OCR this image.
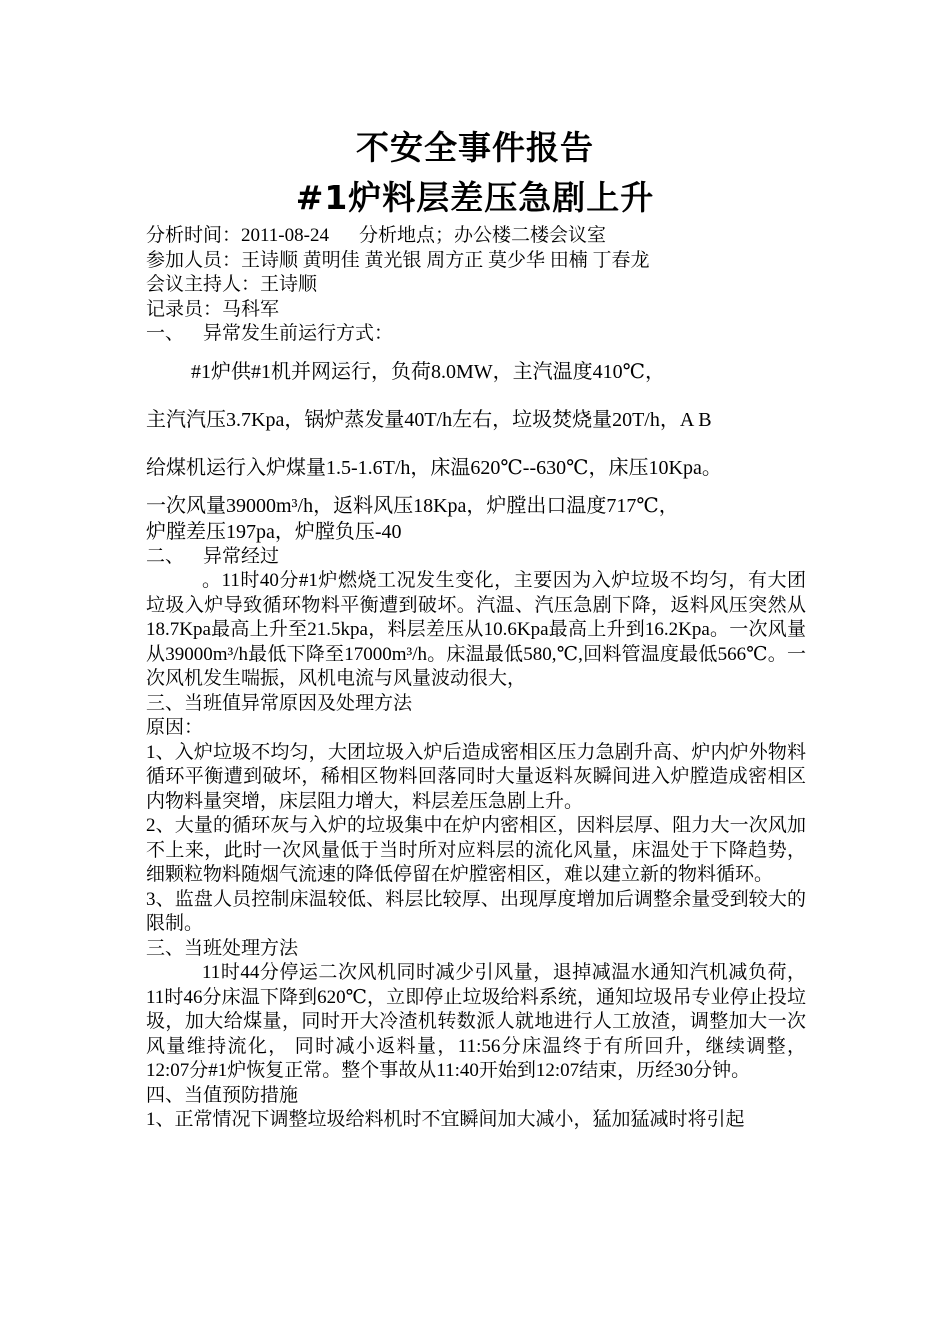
不安全事件报告
#1炉料层差压急剧上升
分析时间：2011-08-24 分析地点；办公楼二楼会议室
参加人员：王诗顺 黄明佳 黄光银 周方正 莫少华 田楠 丁春龙
会议主持人：王诗顺
记录员：马科军
一、    异常发生前运行方式：
#1炉供#1机并网运行，负荷8.0MW，主汽温度410℃，
主汽汽压3.7Kpa，锅炉蒸发量40T/h左右，垃圾焚烧量20T/h，A B
给煤机运行入炉煤量1.5-1.6T/h，床温620℃--630℃，床压10Kpa。
一次风量39000m³/h，返料风压18Kpa，炉膛出口温度717℃，
炉膛差压197pa，炉膛负压-40
二、    异常经过
。11时40分#1炉燃烧工况发生变化，主要因为入炉垃圾不均匀，有大团垃圾入炉导致循环物料平衡遭到破坏。汽温、汽压急剧下降，返料风压突然从18.7Kpa最高上升至21.5kpa，料层差压从10.6Kpa最高上升到16.2Kpa。一次风量从39000m³/h最低下降至17000m³/h。床温最低580,℃,回料管温度最低566℃。一次风机发生喘振，风机电流与风量波动很大，
三、当班值异常原因及处理方法
原因：
1、入炉垃圾不均匀，大团垃圾入炉后造成密相区压力急剧升高、炉内炉外物料循环平衡遭到破坏，稀相区物料回落同时大量返料灰瞬间进入炉膛造成密相区内物料量突增，床层阻力增大，料层差压急剧上升。
2、大量的循环灰与入炉的垃圾集中在炉内密相区，因料层厚、阻力大一次风加不上来，此时一次风量低于当时所对应料层的流化风量，床温处于下降趋势，细颗粒物料随烟气流速的降低停留在炉膛密相区，难以建立新的物料循环。
3、监盘人员控制床温较低、料层比较厚、出现厚度增加后调整余量受到较大的限制。
三、当班处理方法
11时44分停运二次风机同时减少引风量，退掉减温水通知汽机减负荷，11时46分床温下降到620℃，立即停止垃圾给料系统，通知垃圾吊专业停止投垃圾，加大给煤量，同时开大冷渣机转数派人就地进行人工放渣，调整加大一次风量维持流化， 同时减小返料量，11:56分床温终于有所回升，继续调整，12:07分#1炉恢复正常。整个事故从11:40开始到12:07结束，历经30分钟。
四、当值预防措施
1、正常情况下调整垃圾给料机时不宜瞬间加大减小，猛加猛减时将引起
